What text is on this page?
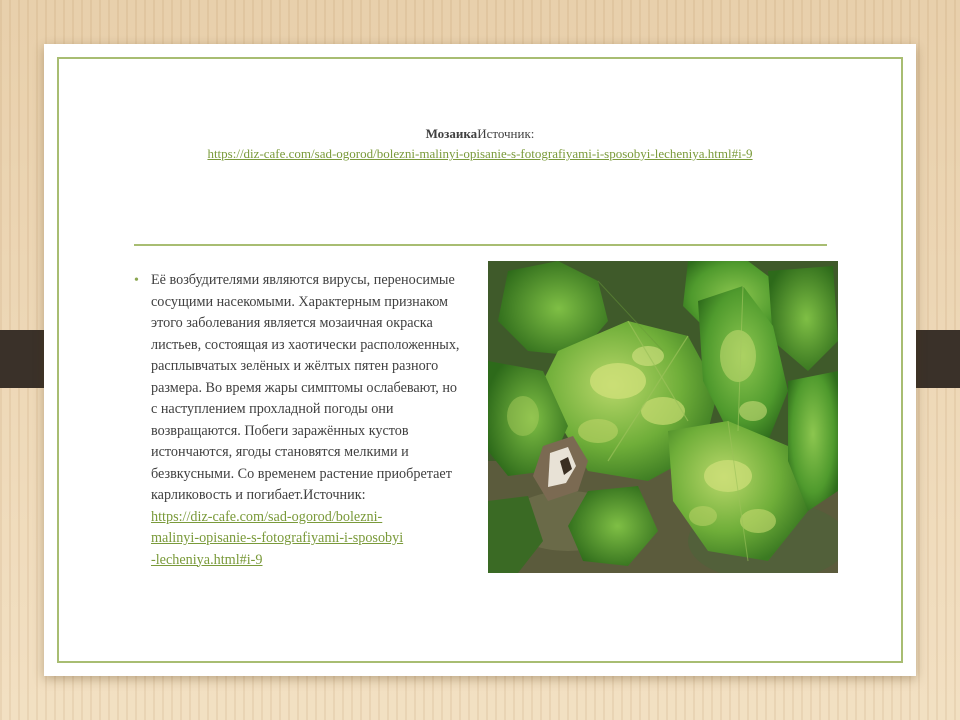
МозаикаИсточник:
https://diz-cafe.com/sad-ogorod/bolezni-malinyi-opisanie-s-fotografiyami-i-sposobyi-lecheniya.html#i-9
• Её возбудителями являются вирусы, переносимые сосущими насекомыми. Характерным признаком этого заболевания является мозаичная окраска листьев, состоящая из хаотически расположенных, расплывчатых зелёных и жёлтых пятен разного размера. Во время жары симптомы ослабевают, но с наступлением прохладной погоды они возвращаются. Побеги заражённых кустов истончаются, ягоды становятся мелкими и безвкусными. Со временем растение приобретает карликовость и погибает.Источник:
https://diz-cafe.com/sad-ogorod/bolezni-
malinyi-opisanie-s-fotografiyami-i-sposobyi
-lecheniya.html#i-9
